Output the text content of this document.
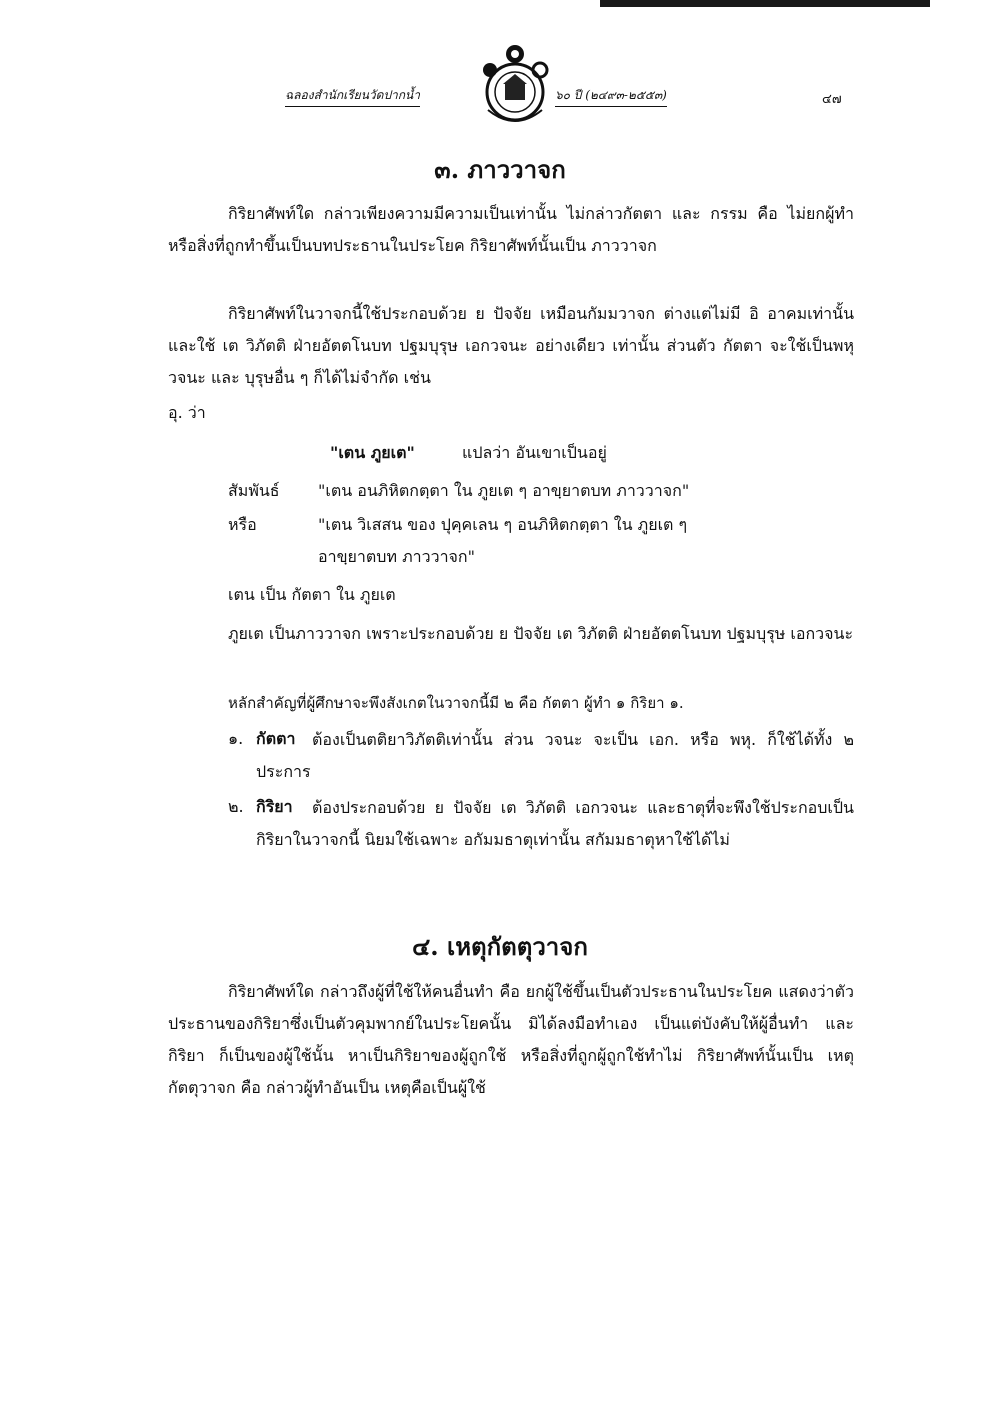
ฉลองสำนักเรียนวัดปากน้ำ	๖๐ ปี (๒๔๙๓-๒๕๕๓)	๔๗
๓. ภาววาจก

กิริยาศัพท์ใด กล่าวเพียงความมีความเป็นเท่านั้น ไม่กล่าวกัตตา และ กรรม คือ ไม่ยกผู้ทำหรือสิ่งที่ถูกทำขึ้นเป็นบทประธานในประโยค กิริยาศัพท์นั้นเป็น ภาววาจก

กิริยาศัพท์ในวาจกนี้ใช้ประกอบด้วย ย ปัจจัย เหมือนกัมมวาจก ต่างแต่ไม่มี อิ อาคมเท่านั้น และใช้ เต วิภัตติ ฝ่ายอัตตโนบท ปฐมบุรุษ เอกวจนะ อย่างเดียว เท่านั้น ส่วนตัว กัตตา จะใช้เป็นพหุวจนะ และ บุรุษอื่น ๆ ก็ได้ไม่จำกัด เช่น

อุ. ว่า
"เตน ภูยเต"	แปลว่า อันเขาเป็นอยู่
สัมพันธ์ "เตน อนภิหิตกตฺตา ใน ภูยเต ๆ อาขฺยาตบท ภาววาจก"
หรือ	"เตน วิเสสน ของ ปุคฺคเลน ๆ อนภิหิตกตฺตา ใน ภูยเต ๆ
อาขฺยาตบท ภาววาจก"
เตน เป็น กัตตา ใน ภูยเต

ภูยเต เป็นภาววาจก เพราะประกอบด้วย ย ปัจจัย เต วิภัตติ ฝ่ายอัตตโนบท ปฐมบุรุษ เอกวจนะ

หลักสำคัญที่ผู้ศึกษาจะพึงสังเกตในวาจกนี้มี ๒ คือ กัตตา ผู้ทำ ๑ กิริยา ๑.
๑. กัตตา	ต้องเป็นตติยาวิภัตติเท่านั้น ส่วน วจนะ จะเป็น เอก. หรือ พหุ. ก็ใช้ได้ทั้ง ๒ ประการ

๒. กิริยา	ต้องประกอบด้วย ย ปัจจัย เต วิภัตติ เอกวจนะ และธาตุที่จะพึงใช้ประกอบเป็นกิริยาในวาจกนี้ นิยมใช้เฉพาะ อกัมมธาตุเท่านั้น สกัมมธาตุหาใช้ได้ไม่

๔. เหตุกัตตุวาจก

กิริยาศัพท์ใด กล่าวถึงผู้ที่ใช้ให้คนอื่นทำ คือ ยกผู้ใช้ขึ้นเป็นตัวประธานในประโยค แสดงว่าตัวประธานของกิริยาซึ่งเป็นตัวคุมพากย์ในประโยคนั้น มิได้ลงมือทำเอง เป็นแต่บังคับให้ผู้อื่นทำ และกิริยา ก็เป็นของผู้ใช้นั้น หาเป็นกิริยาของผู้ถูกใช้ หรือสิ่งที่ถูกผู้ถูกใช้ทำไม่ กิริยาศัพท์นั้นเป็น เหตุกัตตุวาจก คือ กล่าวผู้ทำอันเป็น เหตุคือเป็นผู้ใช้
